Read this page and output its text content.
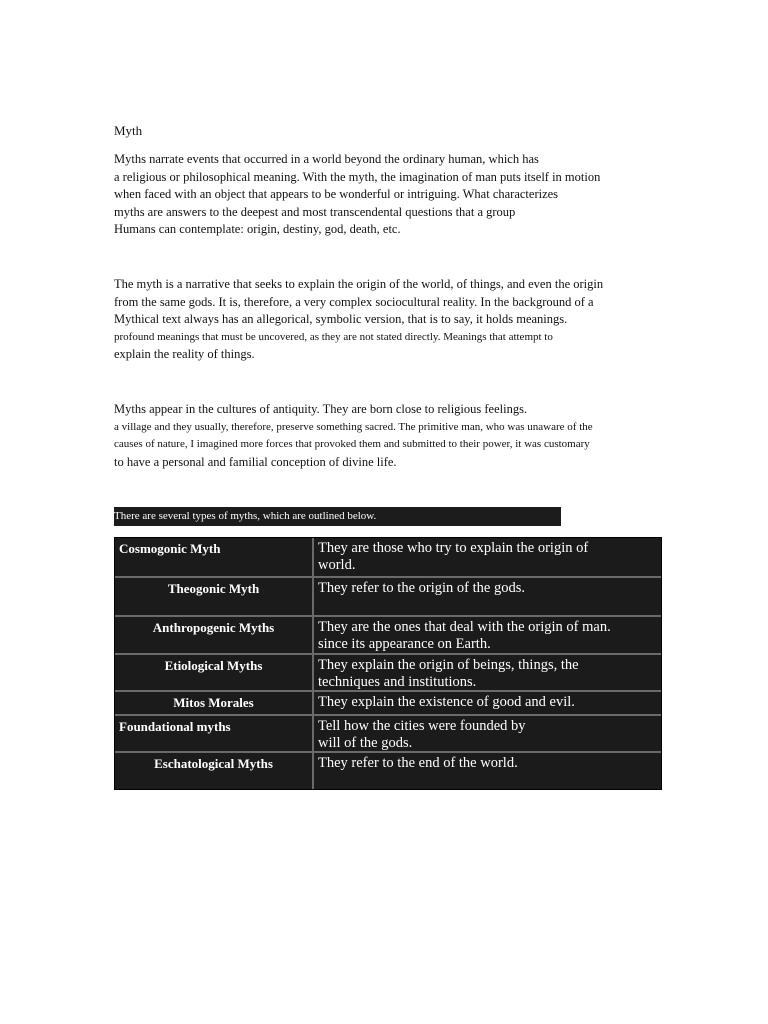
Myth
Myths narrate events that occurred in a world beyond the ordinary human, which has
a religious or philosophical meaning. With the myth, the imagination of man puts itself in motion
when faced with an object that appears to be wonderful or intriguing. What characterizes
myths are answers to the deepest and most transcendental questions that a group
Humans can contemplate: origin, destiny, god, death, etc.
The myth is a narrative that seeks to explain the origin of the world, of things, and even the origin
from the same gods. It is, therefore, a very complex sociocultural reality. In the background of a
Mythical text always has an allegorical, symbolic version, that is to say, it holds meanings.
profound meanings that must be uncovered, as they are not stated directly. Meanings that attempt to
explain the reality of things.
Myths appear in the cultures of antiquity. They are born close to religious feelings.
a village and they usually, therefore, preserve something sacred. The primitive man, who was unaware of the
causes of nature, I imagined more forces that provoked them and submitted to their power, it was customary
to have a personal and familial conception of divine life.
There are several types of myths, which are outlined below.
Cosmogonic Myth	They are those who try to explain the origin of
world.
Theogonic Myth	They refer to the origin of the gods.
Anthropogenic Myths	They are the ones that deal with the origin of man.
since its appearance on Earth.
Etiological Myths	They explain the origin of beings, things, the
techniques and institutions.
Mitos Morales	They explain the existence of good and evil.
Foundational myths	Tell how the cities were founded by
will of the gods.
Eschatological Myths	They refer to the end of the world.
